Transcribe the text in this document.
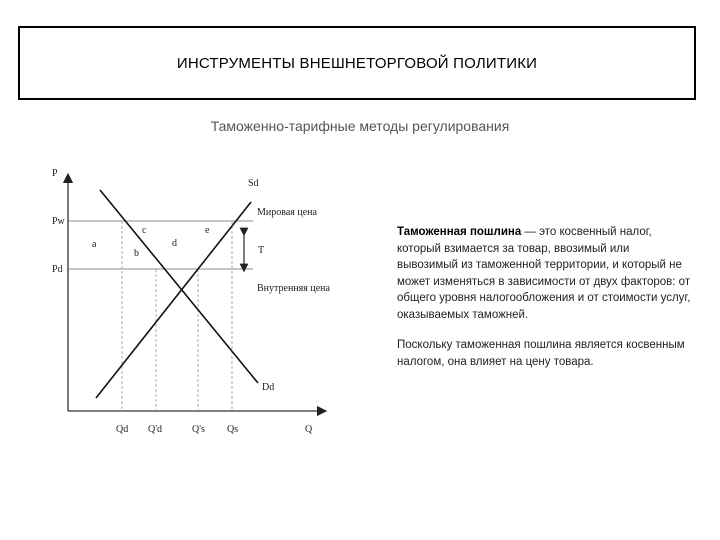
ИНСТРУМЕНТЫ ВНЕШНЕТОРГОВОЙ ПОЛИТИКИ
Таможенно-тарифные методы регулирования
P
Q
Pw
Pd
Sd
Dd
Мировая цена
Внутренняя цена
T
a
b
c
d
e
Qd Q'd	Q's Qs

Таможенная пошлина — это косвенный налог, который взимается за товар, ввозимый или вывозимый из таможенной территории, и который не может изменяться в зависимости от двух факторов: от общего уровня налогообложения и от стоимости услуг, оказываемых таможней.

Поскольку таможенная пошлина является косвенным налогом, она влияет на цену товара.
